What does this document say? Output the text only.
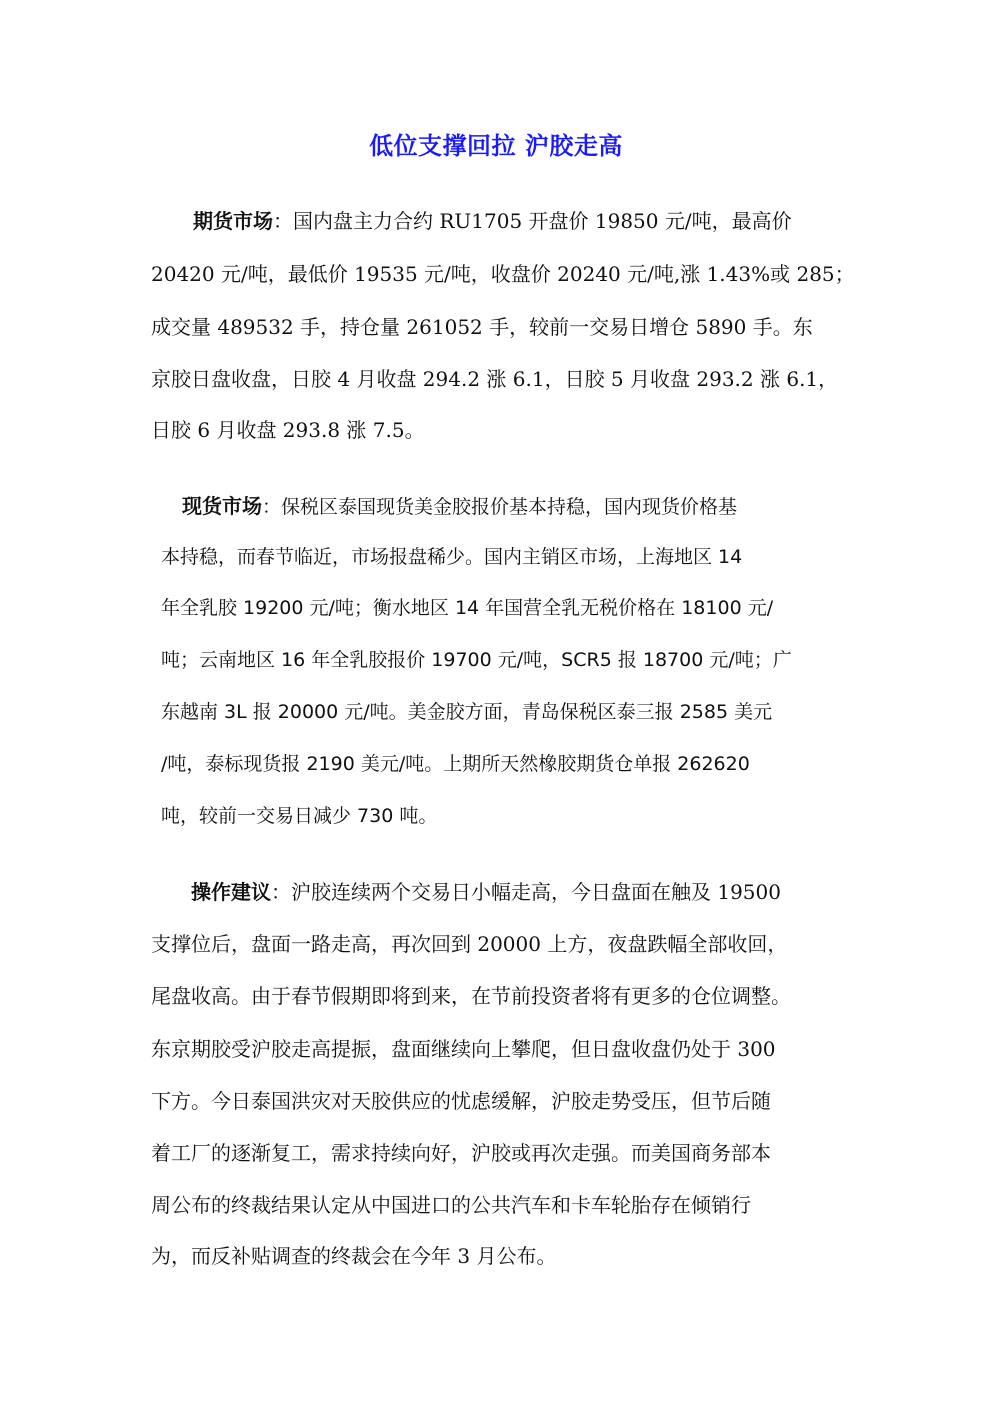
低位支撑回拉 沪胶走高
期货市场：国内盘主力合约 RU1705 开盘价 19850 元/吨，最高价
20420 元/吨，最低价 19535 元/吨，收盘价 20240 元/吨,涨 1.43%或 285；
成交量 489532 手，持仓量 261052 手，较前一交易日增仓 5890 手。东
京胶日盘收盘，日胶 4 月收盘 294.2 涨 6.1，日胶 5 月收盘 293.2 涨 6.1，
日胶 6 月收盘 293.8 涨 7.5。
现货市场：保税区泰国现货美金胶报价基本持稳，国内现货价格基
本持稳，而春节临近，市场报盘稀少。国内主销区市场，上海地区 14
年全乳胶 19200 元/吨；衡水地区 14 年国营全乳无税价格在 18100 元/
吨；云南地区 16 年全乳胶报价 19700 元/吨，SCR5 报 18700 元/吨；广
东越南 3L 报 20000 元/吨。美金胶方面，青岛保税区泰三报 2585 美元
/吨，泰标现货报 2190 美元/吨。上期所天然橡胶期货仓单报 262620
吨，较前一交易日减少 730 吨。
操作建议：沪胶连续两个交易日小幅走高，今日盘面在触及 19500
支撑位后，盘面一路走高，再次回到 20000 上方，夜盘跌幅全部收回，
尾盘收高。由于春节假期即将到来，在节前投资者将有更多的仓位调整。
东京期胶受沪胶走高提振，盘面继续向上攀爬，但日盘收盘仍处于 300
下方。今日泰国洪灾对天胶供应的忧虑缓解，沪胶走势受压，但节后随
着工厂的逐渐复工，需求持续向好，沪胶或再次走强。而美国商务部本
周公布的终裁结果认定从中国进口的公共汽车和卡车轮胎存在倾销行
为，而反补贴调查的终裁会在今年 3 月公布。
